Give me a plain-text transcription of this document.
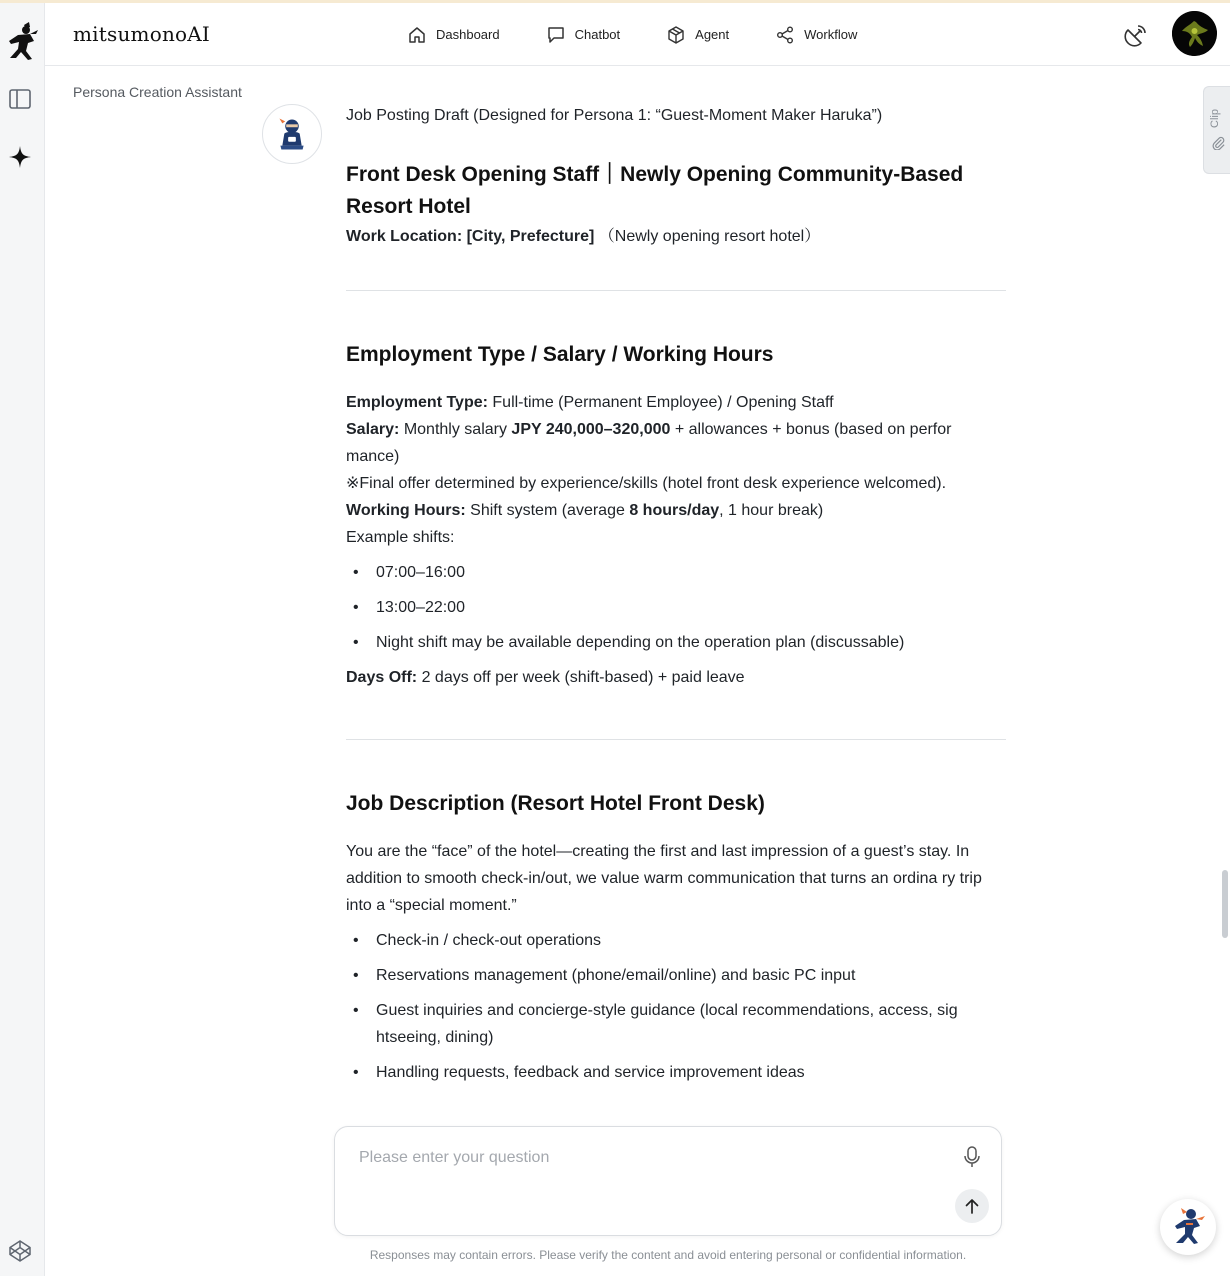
mitsumonoAI	Dashboard	Chatbot	Agent	Workflow
Persona Creation Assistant
Clip

Job Posting Draft (Designed for Persona 1: “Guest-Moment Maker Haruka”)

Front Desk Opening Staff｜Newly Opening Community-Based Resort Hotel

Work Location: [City, Prefecture] （Newly opening resort hotel）

Employment Type / Salary / Working Hours

Employment Type: Full-time (Permanent Employee) / Opening Staff

Salary: Monthly salary JPY 240,000–320,000 + allowances + bonus (based on perfor mance)

※Final offer determined by experience/skills (hotel front desk experience welcomed).

Working Hours: Shift system (average 8 hours/day, 1 hour break)

Example shifts:

• 07:00–16:00
• 13:00–22:00
• Night shift may be available depending on the operation plan (discussable)

Days Off: 2 days off per week (shift-based) + paid leave

Job Description (Resort Hotel Front Desk)

You are the “face” of the hotel—creating the first and last impression of a guest’s stay. In addition to smooth check-in/out, we value warm communication that turns an ordina ry trip into a “special moment.”

• Check-in / check-out operations
• Reservations management (phone/email/online) and basic PC input
• Guest inquiries and concierge-style guidance (local recommendations, access, sig htseeing, dining)
• Handling requests, feedback and service improvement ideas
Please enter your question
Responses may contain errors. Please verify the content and avoid entering personal or confidential information.
